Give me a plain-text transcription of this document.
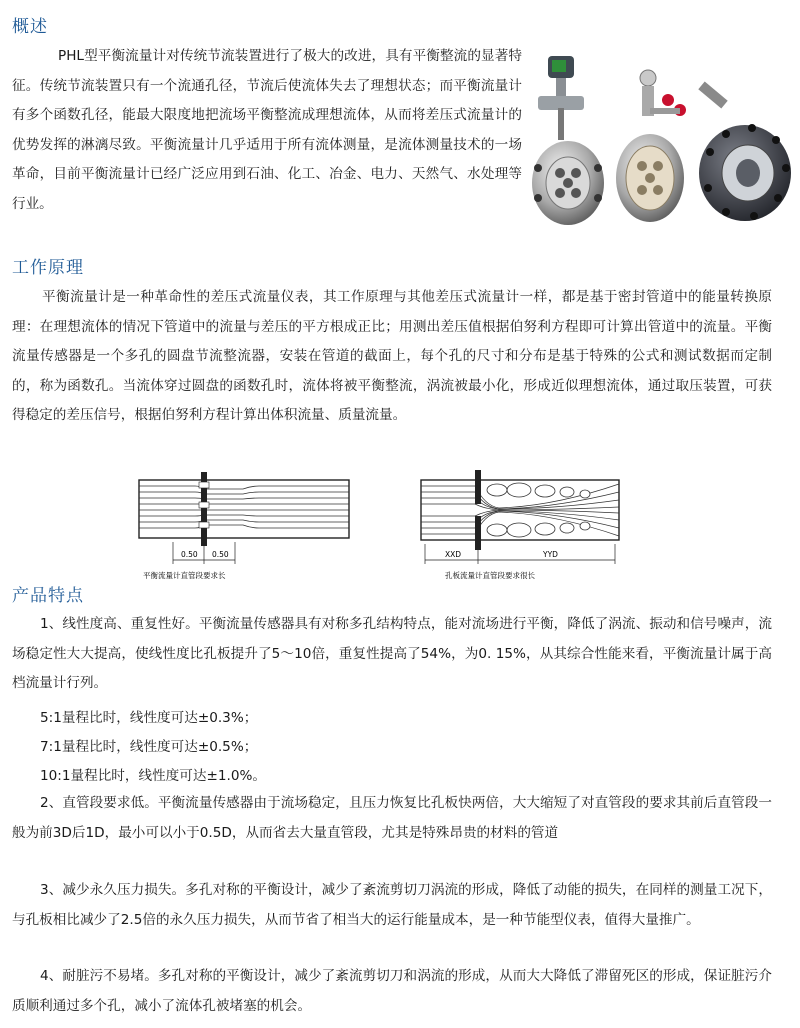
概述

PHL型平衡流量计对传统节流装置进行了极大的改进，具有平衡整流的显著特征。传统节流装置只有一个流通孔径，节流后使流体失去了理想状态；而平衡流量计有多个函数孔径，能最大限度地把流场平衡整流成理想流体，从而将差压式流量计的优势发挥的淋漓尽致。平衡流量计几乎适用于所有流体测量，是流体测量技术的一场革命，目前平衡流量计已经广泛应用到石油、化工、冶金、电力、天然气、水处理等行业。

工作原理

平衡流量计是一种革命性的差压式流量仪表，其工作原理与其他差压式流量计一样，都是基于密封管道中的能量转换原理：在理想流体的情况下管道中的流量与差压的平方根成正比；用测出差压值根据伯努利方程即可计算出管道中的流量。平衡流量传感器是一个多孔的圆盘节流整流器，安装在管道的截面上，每个孔的尺寸和分布是基于特殊的公式和测试数据而定制的，称为函数孔。当流体穿过圆盘的函数孔时，流体将被平衡整流，涡流被最小化，形成近似理想流体，通过取压装置，可获得稳定的差压信号，根据伯努利方程计算出体积流量、质量流量。

0.50 0.50
平衡流量计直管段要求长
XXD	YYD
孔板流量计直管段要求很长
产品特点

1、线性度高、重复性好。平衡流量传感器具有对称多孔结构特点，能对流场进行平衡，降低了涡流、振动和信号噪声，流场稳定性大大提高，使线性度比孔板提升了5～10倍，重复性提高了54%，为0. 15%，从其综合性能来看，平衡流量计属于高档流量计行列。

5:1量程比时，线性度可达±0.3%；

7:1量程比时，线性度可达±0.5%；

10:1量程比时，线性度可达±1.0%。

2、直管段要求低。平衡流量传感器由于流场稳定，且压力恢复比孔板快两倍，大大缩短了对直管段的要求其前后直管段一般为前3D后1D，最小可以小于0.5D，从而省去大量直管段，尤其是特殊昂贵的材料的管道

3、减少永久压力损失。多孔对称的平衡设计，减少了紊流剪切刀涡流的形成，降低了动能的损失，在同样的测量工况下，与孔板相比减少了2.5倍的永久压力损失，从而节省了相当大的运行能量成本，是一种节能型仪表，值得大量推广。

4、耐脏污不易堵。多孔对称的平衡设计，减少了紊流剪切刀和涡流的形成，从而大大降低了滞留死区的形成，保证脏污介质顺利通过多个孔，减小了流体孔被堵塞的机会。
